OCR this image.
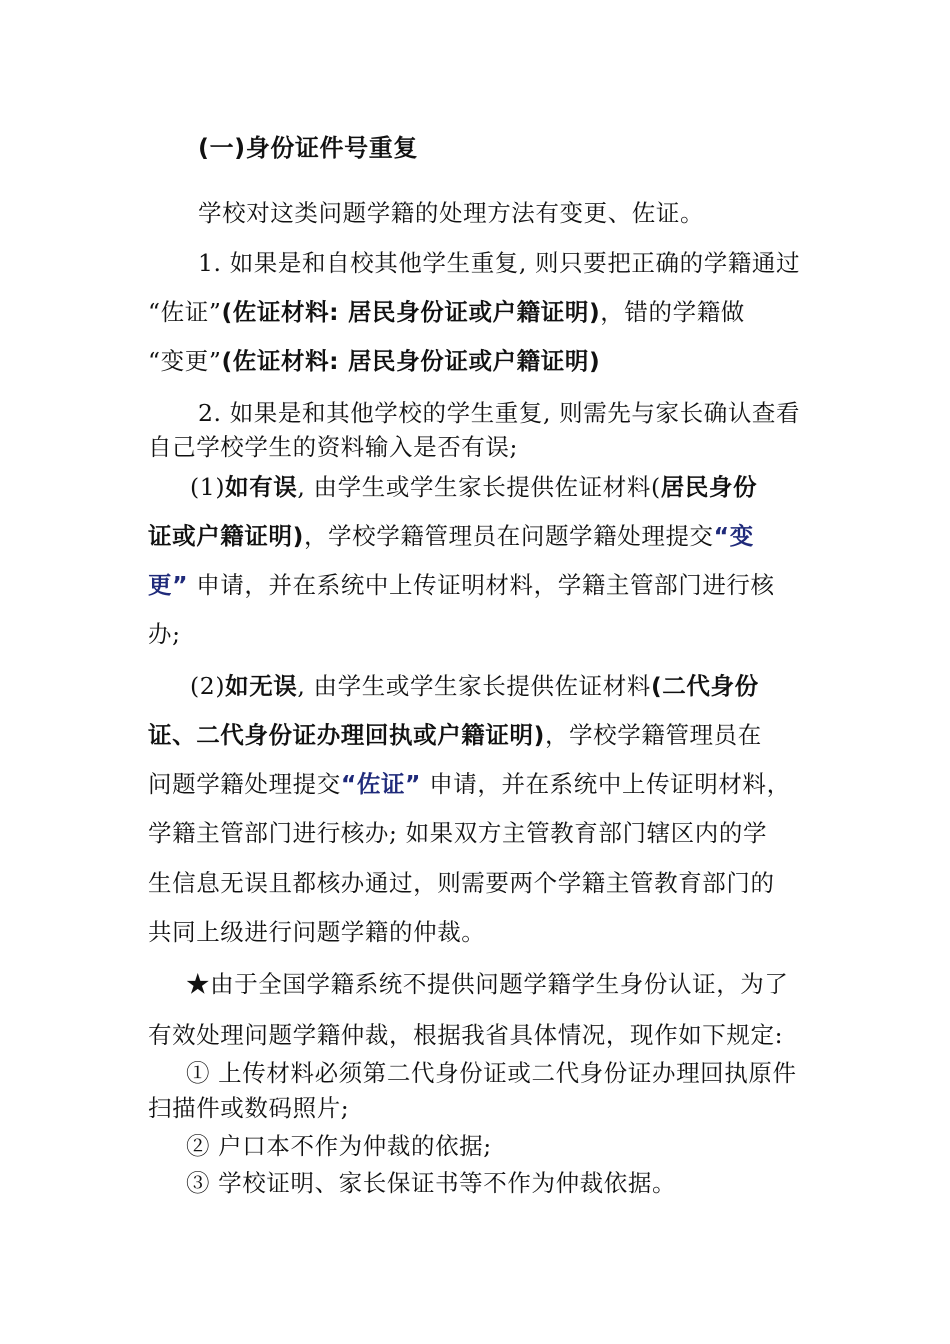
(一)身份证件号重复
学校对这类问题学籍的处理方法有变更、佐证。
1. 如果是和自校其他学生重复, 则只要把正确的学籍通过
“佐证”(佐证材料: 居民身份证或户籍证明)，错的学籍做
“变更”(佐证材料: 居民身份证或户籍证明)
2. 如果是和其他学校的学生重复, 则需先与家长确认查看
自己学校学生的资料输入是否有误;
(1)如有误, 由学生或学生家长提供佐证材料(居民身份
证或户籍证明)，学校学籍管理员在问题学籍处理提交“变
更” 申请，并在系统中上传证明材料，学籍主管部门进行核
办;
(2)如无误, 由学生或学生家长提供佐证材料(二代身份
证、二代身份证办理回执或户籍证明)，学校学籍管理员在
问题学籍处理提交“佐证” 申请，并在系统中上传证明材料，
学籍主管部门进行核办; 如果双方主管教育部门辖区内的学
生信息无误且都核办通过，则需要两个学籍主管教育部门的
共同上级进行问题学籍的仲裁。
★由于全国学籍系统不提供问题学籍学生身份认证，为了
有效处理问题学籍仲裁，根据我省具体情况，现作如下规定:
① 上传材料必须第二代身份证或二代身份证办理回执原件
扫描件或数码照片;
② 户口本不作为仲裁的依据;
③ 学校证明、家长保证书等不作为仲裁依据。
